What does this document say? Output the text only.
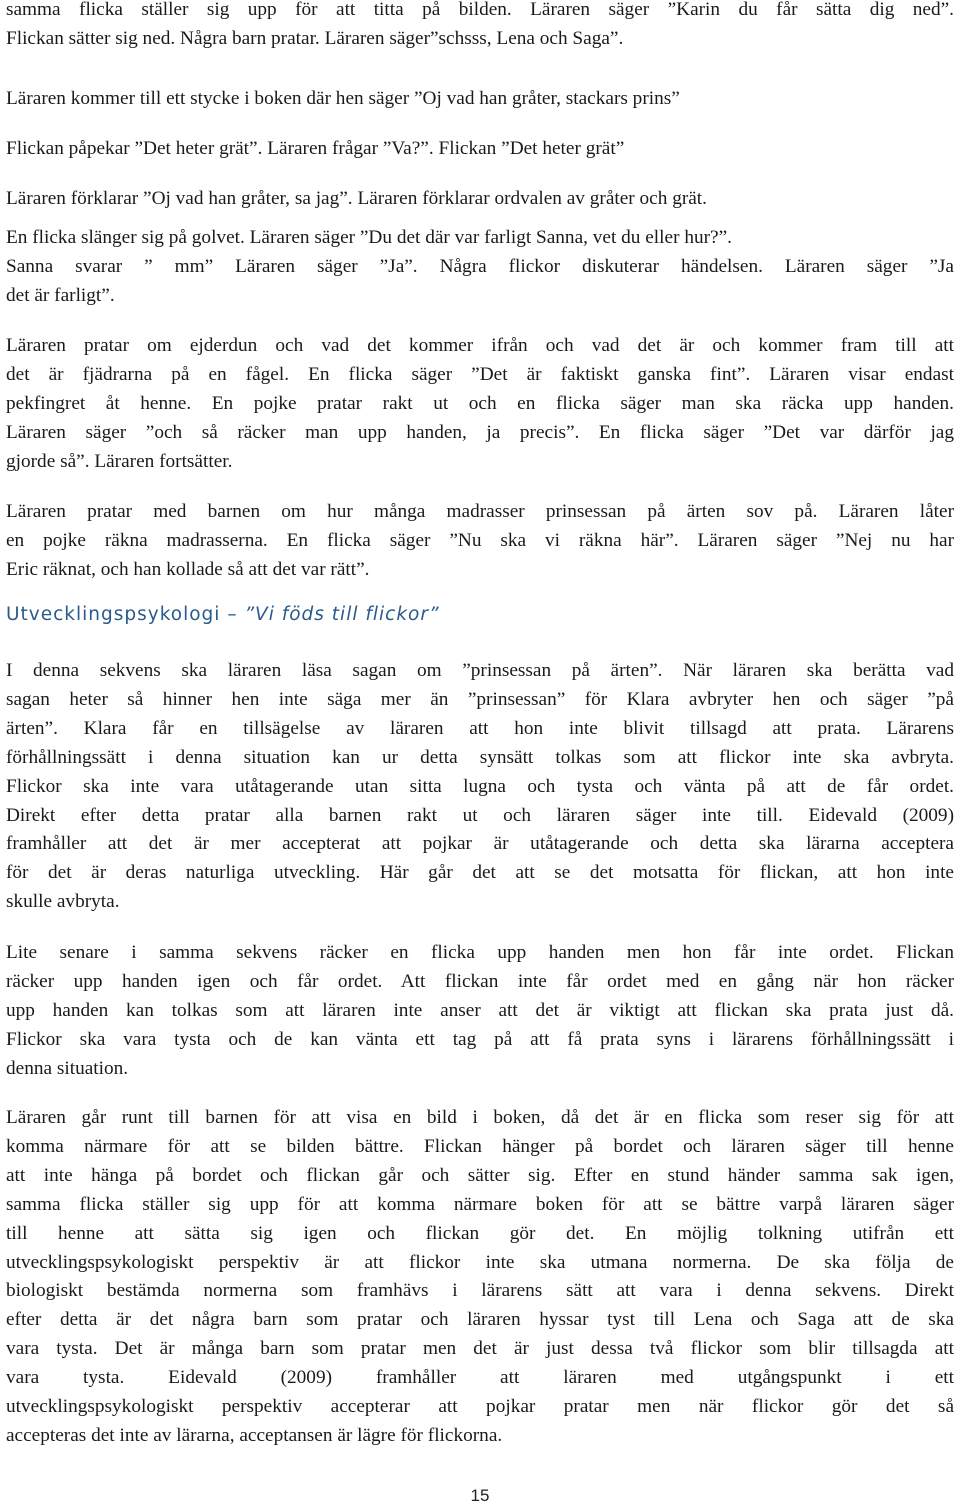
samma flicka ställer sig upp för att titta på bilden. Läraren säger ”Karin du får sätta dig ned”.
Flickan sätter sig ned. Några barn pratar. Läraren säger”schsss, Lena och Saga”.
Läraren kommer till ett stycke i boken där hen säger ”Oj vad han gråter, stackars prins”
Flickan påpekar ”Det heter grät”. Läraren frågar ”Va?”. Flickan ”Det heter grät”
Läraren förklarar ”Oj vad han gråter, sa jag”. Läraren förklarar ordvalen av gråter och grät.
En flicka slänger sig på golvet. Läraren säger ”Du det där var farligt Sanna, vet du eller hur?”.
Sanna svarar ” mm” Läraren säger ”Ja”. Några flickor diskuterar händelsen. Läraren säger ”Ja
det är farligt”.
Läraren pratar om ejderdun och vad det kommer ifrån och vad det är och kommer fram till att
det är fjädrarna på en fågel. En flicka säger ”Det är faktiskt ganska fint”. Läraren visar endast
pekfingret åt henne. En pojke pratar rakt ut och en flicka säger man ska räcka upp handen.
Läraren säger ”och så räcker man upp handen, ja precis”. En flicka säger ”Det var därför jag
gjorde så”. Läraren fortsätter.
Läraren pratar med barnen om hur många madrasser prinsessan på ärten sov på. Läraren låter
en pojke räkna madrasserna. En flicka säger ”Nu ska vi räkna här”. Läraren säger ”Nej nu har
Eric räknat, och han kollade så att det var rätt”.
Utvecklingspsykologi – ”Vi föds till flickor”
I denna sekvens ska läraren läsa sagan om ”prinsessan på ärten”. När läraren ska berätta vad
sagan heter så hinner hen inte säga mer än ”prinsessan” för Klara avbryter hen och säger ”på
ärten”. Klara får en tillsägelse av läraren att hon inte blivit tillsagd att prata. Lärarens
förhållningssätt i denna situation kan ur detta synsätt tolkas som att flickor inte ska avbryta.
Flickor ska inte vara utåtagerande utan sitta lugna och tysta och vänta på att de får ordet.
Direkt efter detta pratar alla barnen rakt ut och läraren säger inte till. Eidevald (2009)
framhåller att det är mer accepterat att pojkar är utåtagerande och detta ska lärarna acceptera
för det är deras naturliga utveckling. Här går det att se det motsatta för flickan, att hon inte
skulle avbryta.
Lite senare i samma sekvens räcker en flicka upp handen men hon får inte ordet. Flickan
räcker upp handen igen och får ordet. Att flickan inte får ordet med en gång när hon räcker
upp handen kan tolkas som att läraren inte anser att det är viktigt att flickan ska prata just då.
Flickor ska vara tysta och de kan vänta ett tag på att få prata syns i lärarens förhållningssätt i
denna situation.
Läraren går runt till barnen för att visa en bild i boken, då det är en flicka som reser sig för att
komma närmare för att se bilden bättre. Flickan hänger på bordet och läraren säger till henne
att inte hänga på bordet och flickan går och sätter sig. Efter en stund händer samma sak igen,
samma flicka ställer sig upp för att komma närmare boken för att se bättre varpå läraren säger
till henne att sätta sig igen och flickan gör det. En möjlig tolkning utifrån ett
utvecklingspsykologiskt perspektiv är att flickor inte ska utmana normerna. De ska följa de
biologiskt bestämda normerna som framhävs i lärarens sätt att vara i denna sekvens. Direkt
efter detta är det några barn som pratar och läraren hyssar tyst till Lena och Saga att de ska
vara tysta. Det är många barn som pratar men det är just dessa två flickor som blir tillsagda att
vara tysta. Eidevald (2009) framhåller att läraren med utgångspunkt i ett
utvecklingspsykologiskt perspektiv accepterar att pojkar pratar men när flickor gör det så
accepteras det inte av lärarna, acceptansen är lägre för flickorna.
15
